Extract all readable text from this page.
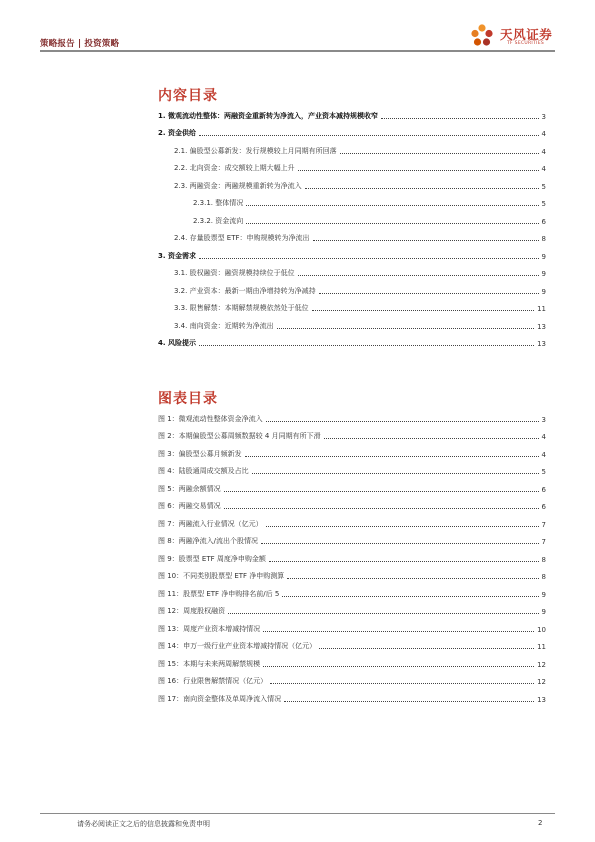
策略报告 | 投资策略
天风证券
TF SECURITIES
内容目录
1. 微观流动性整体：两融资金重新转为净流入，产业资本减持规模收窄	3
2. 资金供给	4
2.1. 偏股型公募新发：发行规模较上月同期有所回落	4
2.2. 北向资金：成交额较上期大幅上升	4
2.3. 两融资金：两融规模重新转为净流入	5
2.3.1. 整体情况	5
2.3.2. 资金流向	6
2.4. 存量股票型 ETF：申购规模转为净流出	8
3. 资金需求	9
3.1. 股权融资：融资规模持续位于低位	9
3.2. 产业资本：最新一期由净增持转为净减持	9
3.3. 限售解禁：本期解禁规模依然处于低位	11
3.4. 南向资金：近期转为净流出	13
4. 风险提示	13
图表目录
图 1：微观流动性整体资金净流入	3
图 2：本期偏股型公募周频数据较 4 月同期有所下滑	4
图 3：偏股型公募月频新发	4
图 4：陆股通周成交额及占比	5
图 5：两融余额情况	6
图 6：两融交易情况	6
图 7：两融流入行业情况（亿元）	7
图 8：两融净流入/流出个股情况	7
图 9：股票型 ETF 周度净申购金额	8
图 10：不同类别股票型 ETF 净申购测算	8
图 11：股票型 ETF 净申购排名前/后 5	9
图 12：周度股权融资	9
图 13：周度产业资本增减持情况	10
图 14：申万一级行业产业资本增减持情况（亿元）	11
图 15：本期与未来两周解禁规模	12
图 16：行业限售解禁情况（亿元）	12
图 17：南向资金整体及单周净流入情况	13
请务必阅读正文之后的信息披露和免责申明	2
